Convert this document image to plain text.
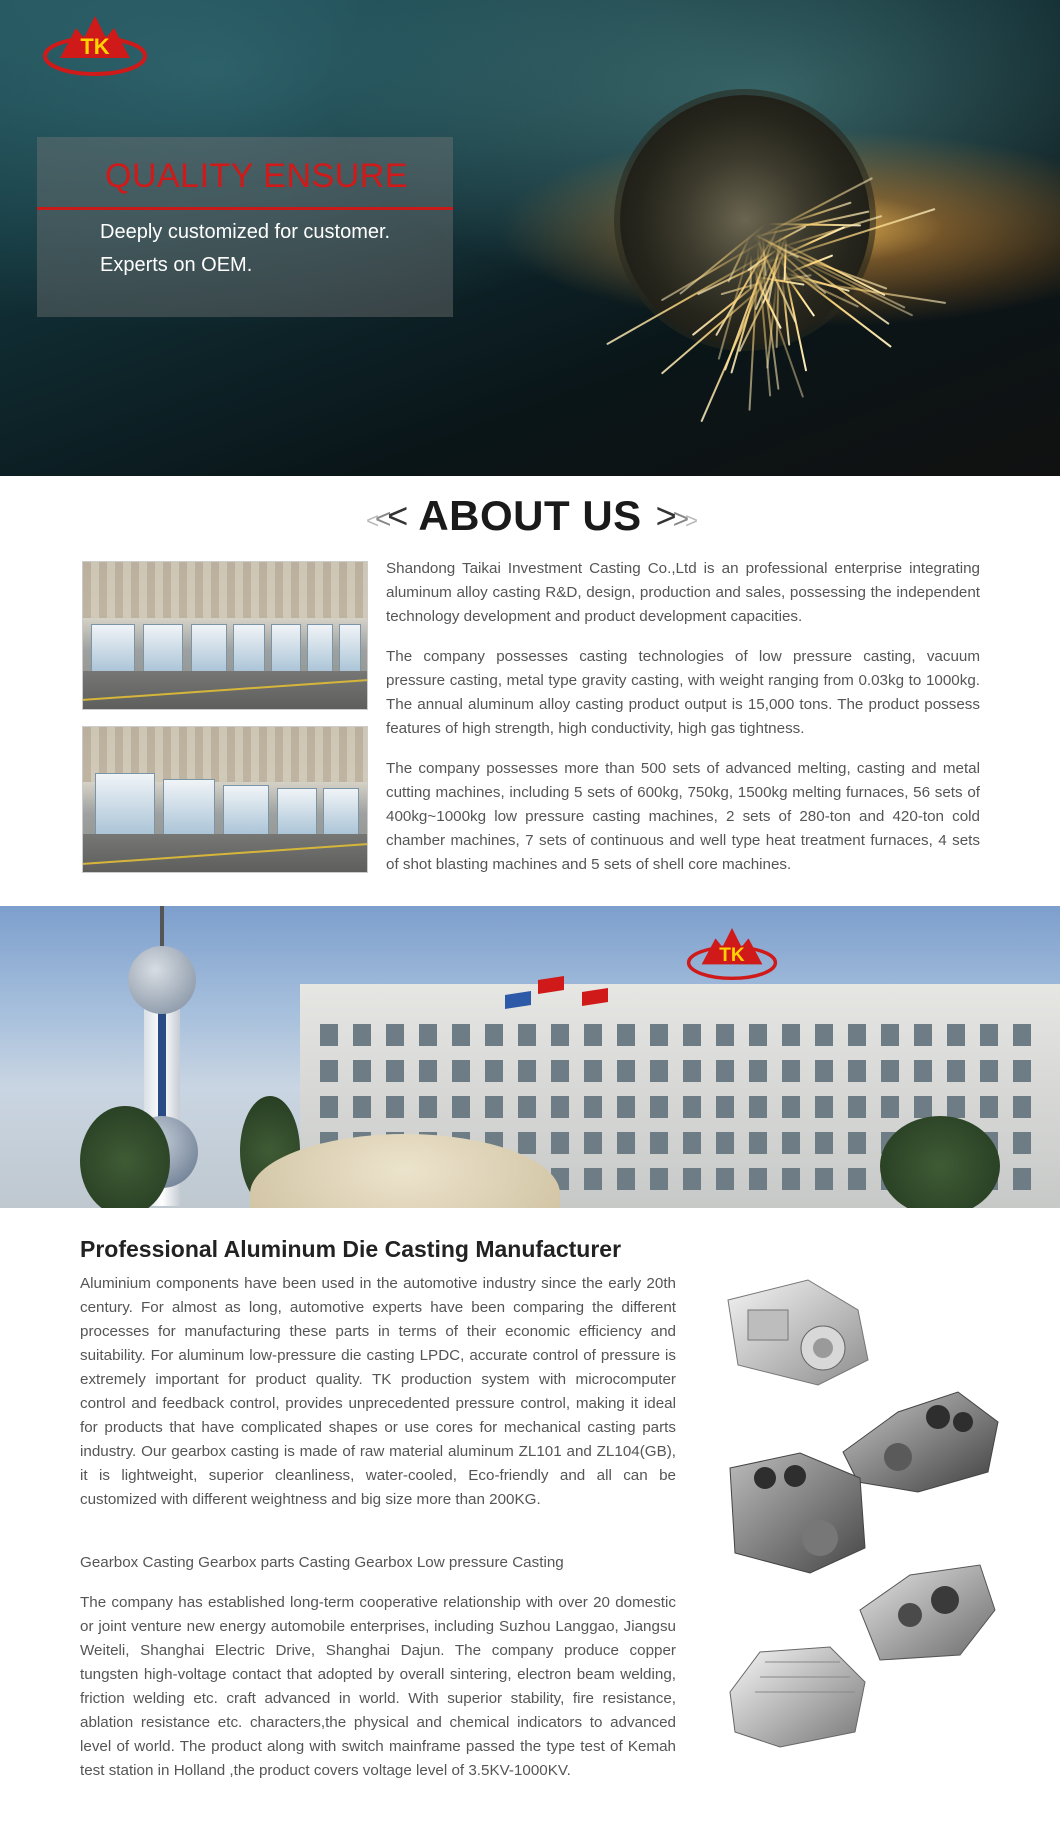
TK
QUALITY ENSURE
Deeply customized for customer.
Experts on OEM.
<<< ABOUT US >>>

Shandong Taikai Investment Casting Co.,Ltd is an professional enterprise integrating aluminum alloy casting R&D, design, production and sales, possessing the independent technology development and product development capacities.

The company possesses casting technologies of low pressure casting, vacuum pressure casting, metal type gravity casting, with weight ranging from 0.03kg to 1000kg. The annual aluminum alloy casting product output is 15,000 tons. The product possess features of high strength, high conductivity, high gas tightness.

The company possesses more than 500 sets of advanced melting, casting and metal cutting machines, including 5 sets of 600kg, 750kg, 1500kg melting furnaces, 56 sets of 400kg~1000kg low pressure casting machines, 2 sets of 280-ton and 420-ton cold chamber machines, 7 sets of continuous and well type heat treatment furnaces, 4 sets of shot blasting machines and 5 sets of shell core machines.

TK
Professional Aluminum Die Casting Manufacturer

Aluminium components have been used in the automotive industry since the early 20th century. For almost as long, automotive experts have been comparing the different processes for manufacturing these parts in terms of their economic efficiency and suitability. For aluminum low-pressure die casting LPDC, accurate control of pressure is extremely important for product quality. TK production system with microcomputer control and feedback control, provides unprecedented pressure control, making it ideal for products that have complicated shapes or use cores for mechanical casting parts industry. Our gearbox casting is made of raw material aluminum ZL101 and ZL104(GB), it is lightweight, superior cleanliness, water-cooled, Eco-friendly and all can be customized with different weightness and big size more than 200KG.

Gearbox Casting Gearbox parts Casting Gearbox Low pressure Casting

The company has established long-term cooperative relationship with over 20 domestic or joint venture new energy automobile enterprises, including Suzhou Langgao, Jiangsu Weiteli, Shanghai Electric Drive, Shanghai Dajun. The company produce copper tungsten high-voltage contact that adopted by overall sintering, electron beam welding, friction welding etc. craft advanced in world. With superior stability, fire resistance, ablation resistance etc. characters,the physical and chemical indicators to advanced level of world. The product along with switch mainframe passed the type test of Kemah test station in Holland ,the product covers voltage level of 3.5KV-1000KV.
